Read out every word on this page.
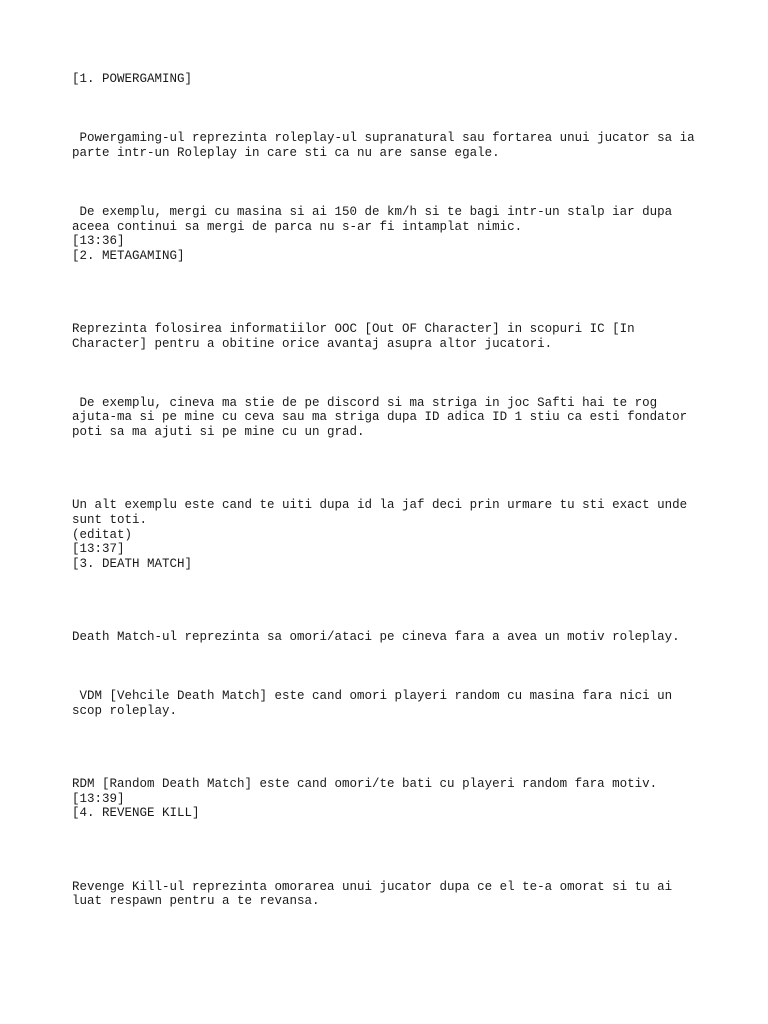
[1. POWERGAMING]

Powergaming-ul reprezinta roleplay-ul supranatural sau fortarea unui jucator sa ia

parte intr-un Roleplay in care sti ca nu are sanse egale.

De exemplu, mergi cu masina si ai 150 de km/h si te bagi intr-un stalp iar dupa

aceea continui sa mergi de parca nu s-ar fi intamplat nimic.

[13:36]

[2. METAGAMING]

Reprezinta folosirea informatiilor OOC [Out OF Character] in scopuri IC [In

Character] pentru a obitine orice avantaj asupra altor jucatori.

De exemplu, cineva ma stie de pe discord si ma striga in joc Safti hai te rog

ajuta-ma si pe mine cu ceva sau ma striga dupa ID adica ID 1 stiu ca esti fondator

poti sa ma ajuti si pe mine cu un grad.

Un alt exemplu este cand te uiti dupa id la jaf deci prin urmare tu sti exact unde

sunt toti.

(editat)

[13:37]

[3. DEATH MATCH]

Death Match-ul reprezinta sa omori/ataci pe cineva fara a avea un motiv roleplay.

VDM [Vehcile Death Match] este cand omori playeri random cu masina fara nici un

scop roleplay.

RDM [Random Death Match] este cand omori/te bati cu playeri random fara motiv.

[13:39]

[4. REVENGE KILL]

Revenge Kill-ul reprezinta omorarea unui jucator dupa ce el te-a omorat si tu ai

luat respawn pentru a te revansa.
